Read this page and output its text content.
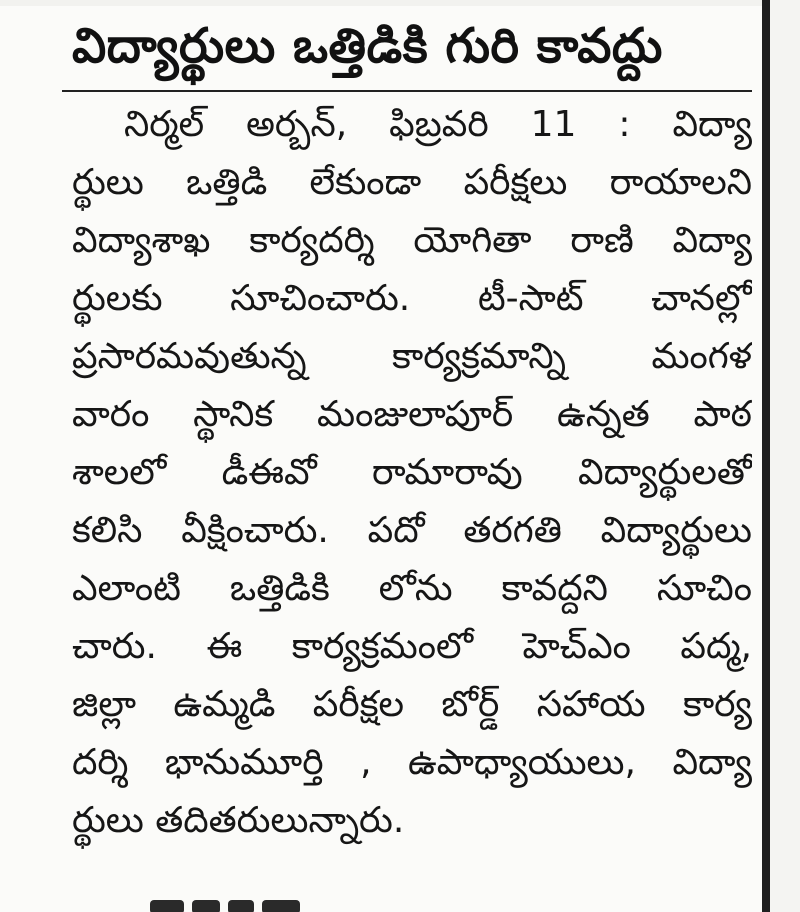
విద్యార్థులు ఒత్తిడికి గురి కావద్దు
నిర్మల్ అర్బన్, ఫిబ్రవరి 11 : విద్యా
ర్థులు ఒత్తిడి లేకుండా పరీక్షలు రాయాలని
విద్యాశాఖ కార్యదర్శి యోగితా రాణి విద్యా
ర్థులకు సూచించారు. టీ-సాట్ చానల్లో
ప్రసారమవుతున్న కార్యక్రమాన్ని మంగళ
వారం స్థానిక మంజులాపూర్ ఉన్నత పాఠ
శాలలో డీఈవో రామారావు విద్యార్థులతో
కలిసి వీక్షించారు. పదో తరగతి విద్యార్థులు
ఎలాంటి ఒత్తిడికి లోను కావద్దని సూచిం
చారు. ఈ కార్యక్రమంలో హెచ్ఎం పద్మ,
జిల్లా ఉమ్మడి పరీక్షల బోర్డ్ సహాయ కార్య
దర్శి భానుమూర్తి , ఉపాధ్యాయులు, విద్యా
ర్థులు తదితరులున్నారు.
